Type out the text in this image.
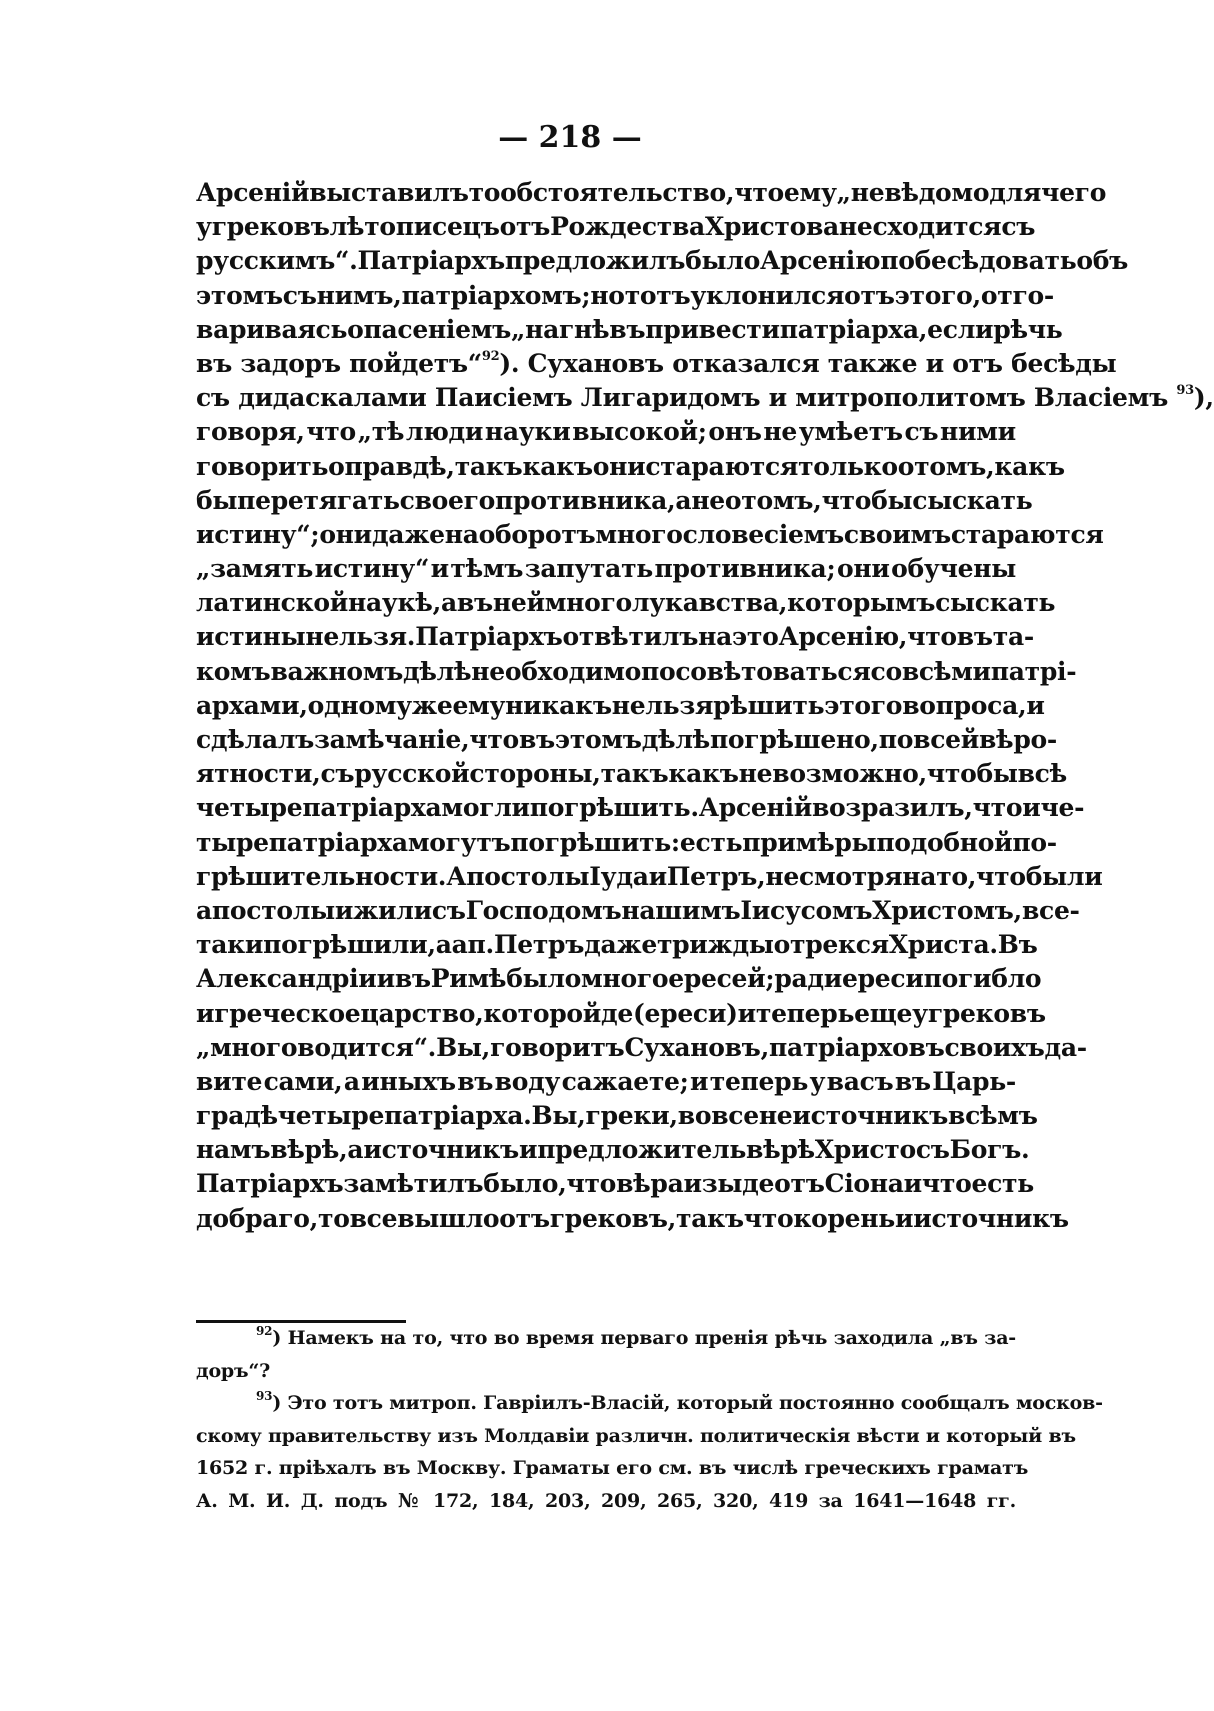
— 218 —
Арсеній выставилъ то обстоятельство, что ему „невѣдомо для чего
у грековъ лѣтописецъ отъ Рождества Христова не сходится съ
русскимъ“. Патріархъ предложилъ было Арсенію побесѣдовать объ
этомъ съ нимъ, патріархомъ; но тотъ уклонился отъ этого, отго-
вариваясь опасеніемъ „на гнѣвъ привести патріарха, если рѣчь
въ задоръ пойдетъ“$^{92}$). Сухановъ отказался также и отъ бесѣды
съ дидаскалами Паисіемъ Лигаридомъ и митрополитомъ Власіемъ $^{93}$),
говоря, что „тѣ люди науки высокой; онъ не умѣетъ съ ними
говорить о правдѣ, такъ какъ они стараются только о томъ, какъ
бы перетягать своего противника, а не о томъ, чтобы сыскать
истину“; они даже наоборотъ многословесіемъ своимъ стараются
„замять истину“ и тѣмъ запутать противника; они обучены
латинской наукѣ, а въ ней много лукавства, которымъ сыскать
истины нельзя. Патріархъ отвѣтилъ на это Арсенію, что въ та-
комъ важномъ дѣлѣ необходимо посовѣтоваться со всѣми патрі-
архами, одному же ему никакъ нельзя рѣшить этого вопроса, и
сдѣлалъ замѣчаніе, что въ этомъ дѣлѣ погрѣшено, по всей вѣро-
ятности, съ русской стороны, такъ какъ невозможно, чтобы всѣ
четыре патріарха могли погрѣшить. Арсеній возразилъ, что и че-
тыре патріарха могутъ погрѣшить: есть примѣры подобной по-
грѣшительности. Апостолы Іуда и Петръ, несмотря на то, что были
апостолы и жили съ Господомъ нашимъ Іисусомъ Христомъ, все-
таки погрѣшили, а ап. Петръ даже трижды отрекся Христа. Въ
Александріи и въ Римѣ было много ересей; ради ереси погибло
и греческое царство, которой де (ереси) и теперь еще у грековъ
„много водится“. Вы, говоритъ Сухановъ, патріарховъ своихъ да-
вите сами, а иныхъ въ воду сажаете; и теперь у васъ въ Царь-
градѣ четыре патріарха. Вы, греки, вовсе не источникъ всѣмъ
намъ вѣрѣ, а источникъ и предложитель вѣрѣ Христосъ Богъ.
Патріархъ замѣтилъ было, что вѣра изыде отъ Сіона и что есть
добраго, то все вышло отъ грековъ, такъ что корень и источникъ
92 ) Намекъ на то, что во время перваго пренія рѣчь заходила „въ за-
доръ“?
93 ) Это тотъ митроп. Гавріилъ-Власій, который постоянно сообщалъ москов-
скому правительству изъ Молдавіи различн. политическія вѣсти и который въ
1652 г. пріѣхалъ въ Москву. Граматы его см. въ числѣ греческихъ граматъ
А. М. И. Д. подъ № 172, 184, 203, 209, 265, 320, 419 за 1641—1648 гг.
